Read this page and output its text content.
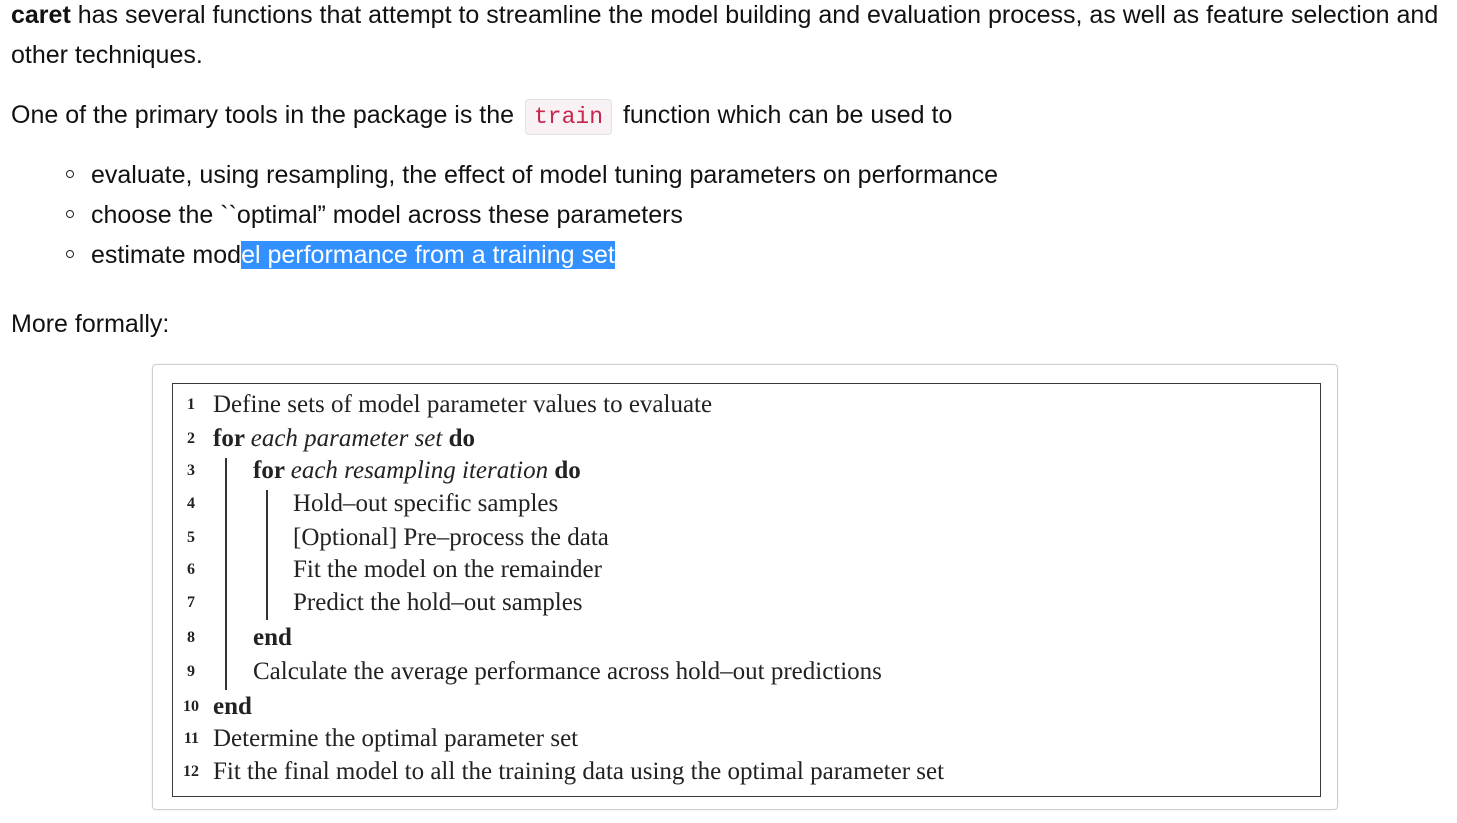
caret has several functions that attempt to streamline the model building and evaluation process, as well as feature selection and other techniques.

One of the primary tools in the package is the train function which can be used to

evaluate, using resampling, the effect of model tuning parameters on performance
choose the ``optimal” model across these parameters
estimate model performance from a training set

More formally:

1 Define sets of model parameter values to evaluate
2 for each parameter set do
3 for each resampling iteration do
4	Hold–out specific samples
5	[Optional] Pre–process the data
6	Fit the model on the remainder
7	Predict the hold–out samples
8 end
9 Calculate the average performance across hold–out predictions
10 end
11 Determine the optimal parameter set
12 Fit the final model to all the training data using the optimal parameter set
